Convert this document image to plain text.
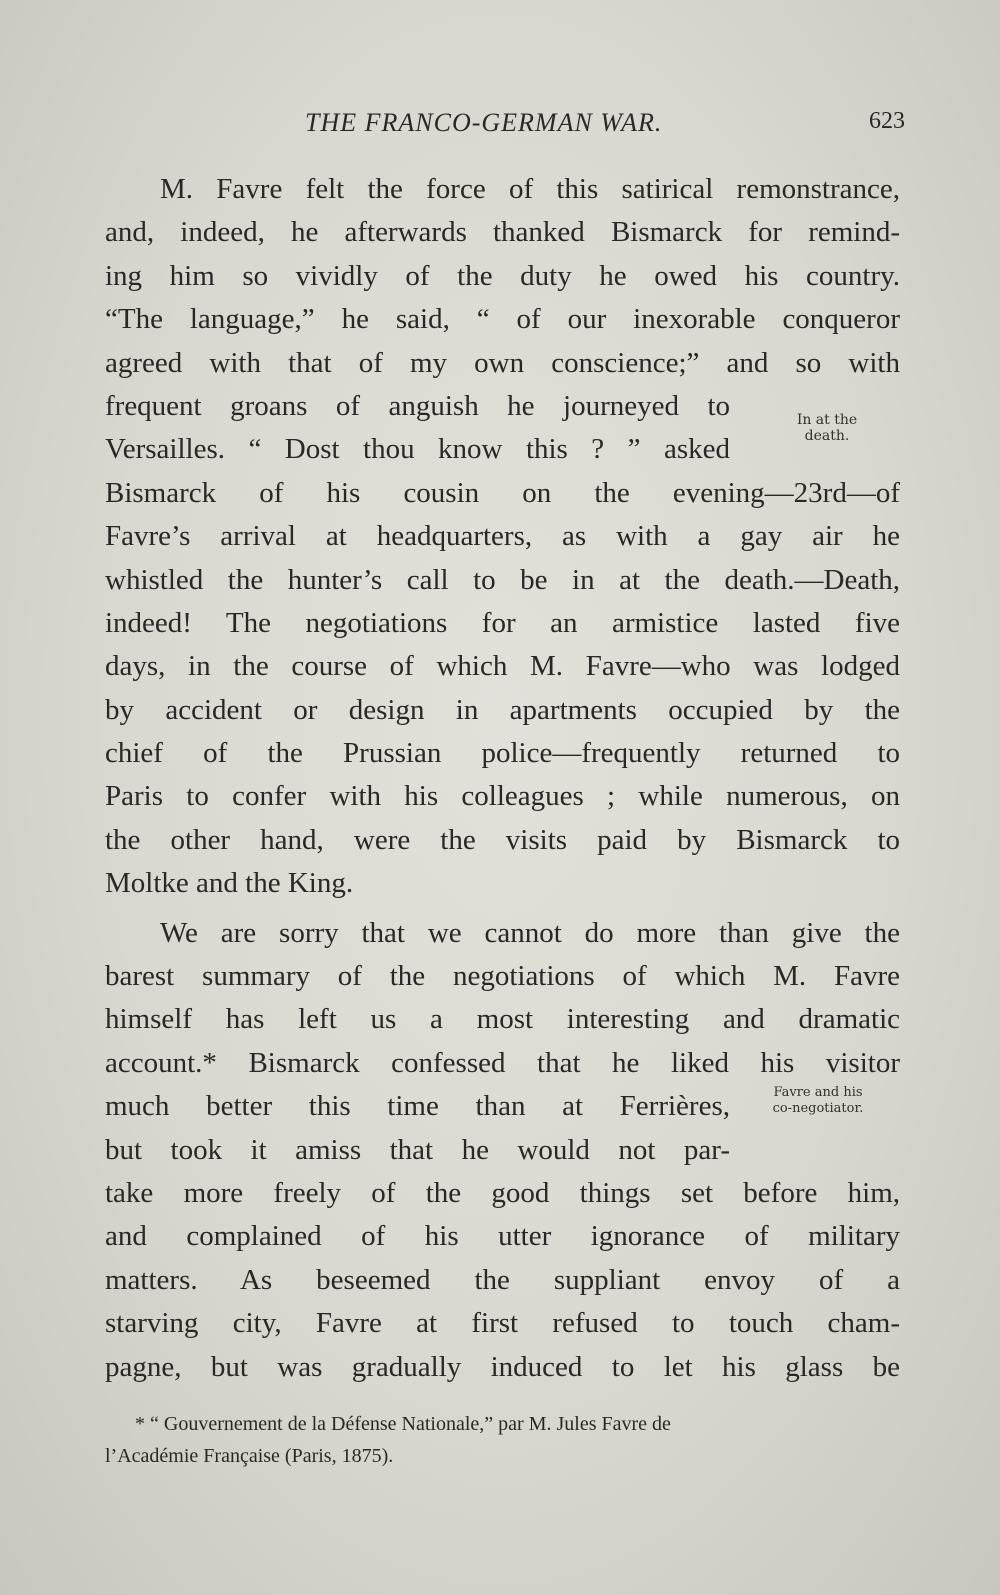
THE FRANCO-GERMAN WAR.	623
M. Favre felt the force of this satirical remonstrance,
and, indeed, he afterwards thanked Bismarck for remind-
ing him so vividly of the duty he owed his country.
“The language,” he said, “ of our inexorable conqueror
agreed with that of my own conscience;” and so with
frequent groans of anguish he journeyed to
Versailles. “ Dost thou know this ? ” asked
Bismarck of his cousin on the evening—23rd—of
Favre’s arrival at headquarters, as with a gay air he
whistled the hunter’s call to be in at the death.—Death,
indeed! The negotiations for an armistice lasted five
days, in the course of which M. Favre—who was lodged
by accident or design in apartments occupied by the
chief of the Prussian police—frequently returned to
Paris to confer with his colleagues ; while numerous, on
the other hand, were the visits paid by Bismarck to
Moltke and the King.
We are sorry that we cannot do more than give the
barest summary of the negotiations of which M. Favre
himself has left us a most interesting and dramatic
account.* Bismarck confessed that he liked his visitor
much better this time than at Ferrières,
but took it amiss that he would not par-
take more freely of the good things set before him,
and complained of his utter ignorance of military
matters. As beseemed the suppliant envoy of a
starving city, Favre at first refused to touch cham-
pagne, but was gradually induced to let his glass be
In at the
death.
Favre and his
co-negotiator.
* “ Gouvernement de la Défense Nationale,” par M. Jules Favre de
l’Académie Française (Paris, 1875).
